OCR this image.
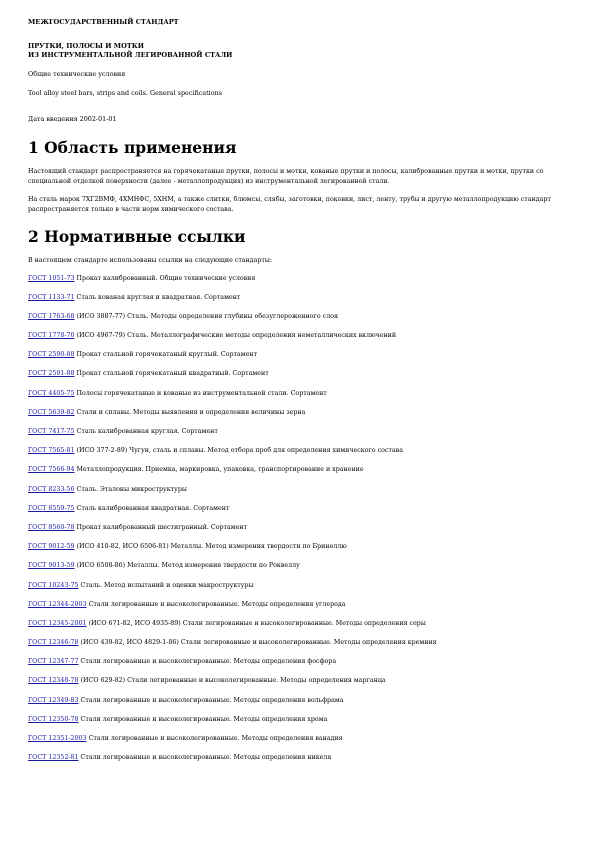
МЕЖГОСУДАРСТВЕННЫЙ СТАНДАРТ

ПРУТКИ, ПОЛОСЫ И МОТКИ

ИЗ ИНСТРУМЕНТАЛЬНОЙ ЛЕГИРОВАННОЙ СТАЛИ

Общие технические условия

Tool alloy steel bars, strips and coils. General specifications

Дата введения 2002-01-01

1 Область применения

Настоящий стандарт распространяется на горячекатаные прутки, полосы и мотки, кованые прутки и полосы, калиброванные прутки и мотки, прутки со специальной отделкой поверхности (далее - металлопродукция) из инструментальной легированной стали.

На сталь марок 7ХГ2ВМФ, 4ХМНФС, 5ХНМ, а также слитки, блюмсы, слябы, заготовки, поковки, лист, ленту, трубы и другую металлопродукцию стандарт распространяется только в части норм химического состава.

2 Нормативные ссылки

В настоящем стандарте использованы ссылки на следующие стандарты:

ГОСТ 1051-73 Прокат калиброванный. Общие технические условия

ГОСТ 1133-71 Сталь кованая круглая и квадратная. Сортамент

ГОСТ 1763-68 (ИСО 3887-77) Сталь. Методы определения глубины обезуглероженного слоя

ГОСТ 1778-70 (ИСО 4967-79) Сталь. Металлографические методы определения неметаллических включений

ГОСТ 2590-88 Прокат стальной горячекатаный круглый. Сортамент

ГОСТ 2591-88 Прокат стальной горячекатаный квадратный. Сортамент

ГОСТ 4405-75 Полосы горячекатаные и кованые из инструментальной стали. Сортамент

ГОСТ 5639-82 Стали и сплавы. Методы выявления и определения величины зерна

ГОСТ 7417-75 Сталь калиброванная круглая. Сортамент

ГОСТ 7565-81 (ИСО 377-2-89) Чугун, сталь и сплавы. Метод отбора проб для определения химического состава

ГОСТ 7566-94 Металлопродукция. Приемка, маркировка, упаковка, транспортирование и хранение

ГОСТ 8233-56 Сталь. Эталоны микроструктуры

ГОСТ 8559-75 Сталь калиброванная квадратная. Сортамент

ГОСТ 8560-78 Прокат калиброванный шестигранный. Сортамент

ГОСТ 9012-59 (ИСО 410-82, ИСО 6506-81) Металлы. Метод измерения твердости по Бринеллю

ГОСТ 9013-59 (ИСО 6508-86) Металлы. Метод измерения твердости по Роквеллу

ГОСТ 10243-75 Сталь. Метод испытаний и оценки макроструктуры

ГОСТ 12344-2003 Стали легированные и высоколегированные. Методы определения углерода

ГОСТ 12345-2001 (ИСО 671-82, ИСО 4935-89) Стали легированные и высоколегированные. Методы определения серы

ГОСТ 12346-78 (ИСО 439-82, ИСО 4829-1-86) Стали легированные и высоколегированные. Методы определения кремния

ГОСТ 12347-77 Стали легированные и высоколегированные. Методы определения фосфора

ГОСТ 12348-78 (ИСО 629-82) Стали легированные и высоколегированные. Методы определения марганца

ГОСТ 12349-83 Стали легированные и высоколегированные. Методы определения вольфрама

ГОСТ 12350-78 Стали легированные и высоколегированные. Методы определения хрома

ГОСТ 12351-2003 Стали легированные и высоколегированные. Методы определения ванадия

ГОСТ 12352-81 Стали легированные и высоколегированные. Методы определения никеля
